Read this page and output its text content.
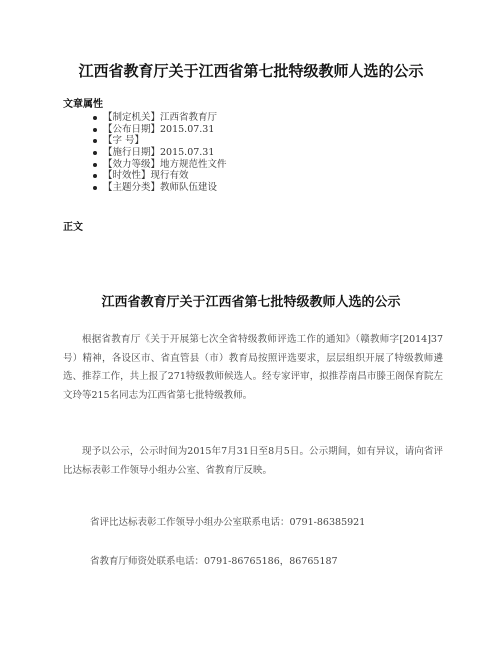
江西省教育厅关于江西省第七批特级教师人选的公示
文章属性
【制定机关】江西省教育厅
【公布日期】2015.07.31
【字 号】
【施行日期】2015.07.31
【效力等级】地方规范性文件
【时效性】现行有效
【主题分类】教师队伍建设
正文
江西省教育厅关于江西省第七批特级教师人选的公示

根据省教育厅《关于开展第七次全省特级教师评选工作的通知》（赣教师字[2014]37号）精神，各设区市、省直管县（市）教育局按照评选要求，层层组织开展了特级教师遴选、推荐工作，共上报了271特级教师候选人。经专家评审，拟推荐南昌市滕王阁保育院左文玲等215名同志为江西省第七批特级教师。

现予以公示，公示时间为2015年7月31日至8月5日。公示期间，如有异议，请向省评比达标表彰工作领导小组办公室、省教育厅反映。

省评比达标表彰工作领导小组办公室联系电话：0791-86385921

省教育厅师资处联系电话：0791-86765186，86765187
